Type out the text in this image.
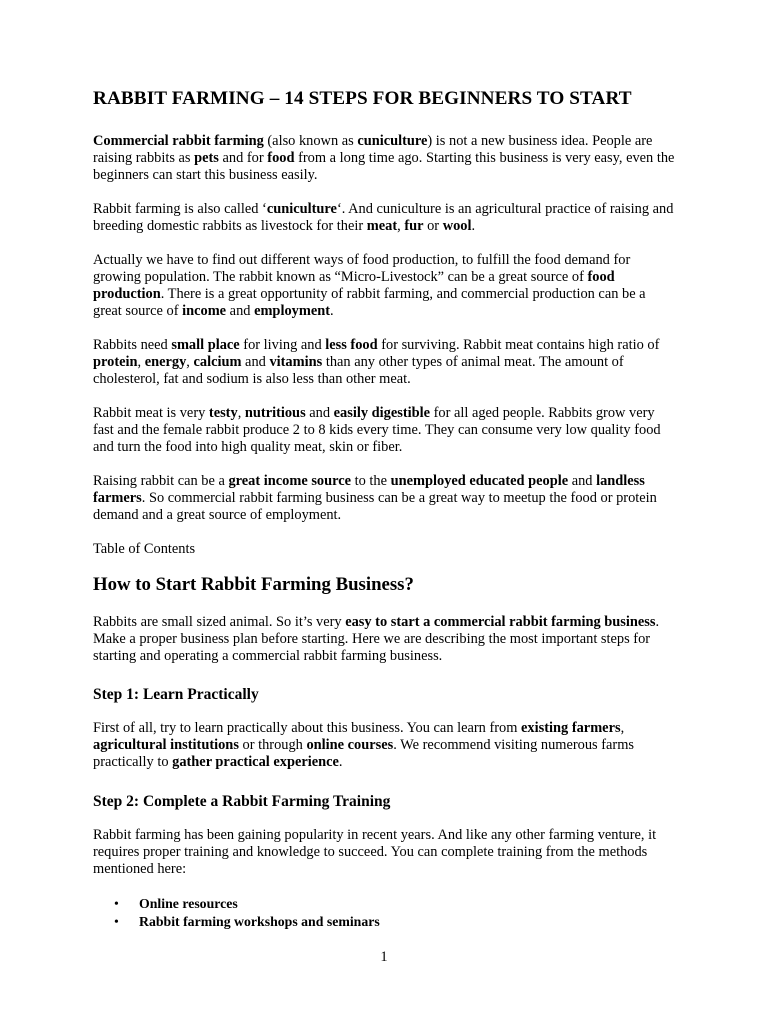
RABBIT FARMING – 14 STEPS FOR BEGINNERS TO START

Commercial rabbit farming (also known as cuniculture) is not a new business idea. People are raising rabbits as pets and for food from a long time ago. Starting this business is very easy, even the beginners can start this business easily.

Rabbit farming is also called ‘cuniculture‘. And cuniculture is an agricultural practice of raising and breeding domestic rabbits as livestock for their meat, fur or wool.

Actually we have to find out different ways of food production, to fulfill the food demand for growing population. The rabbit known as “Micro-Livestock” can be a great source of food production. There is a great opportunity of rabbit farming, and commercial production can be a great source of income and employment.

Rabbits need small place for living and less food for surviving. Rabbit meat contains high ratio of protein, energy, calcium and vitamins than any other types of animal meat. The amount of cholesterol, fat and sodium is also less than other meat.

Rabbit meat is very testy, nutritious and easily digestible for all aged people. Rabbits grow very fast and the female rabbit produce 2 to 8 kids every time. They can consume very low quality food and turn the food into high quality meat, skin or fiber.

Raising rabbit can be a great income source to the unemployed educated people and landless farmers. So commercial rabbit farming business can be a great way to meetup the food or protein demand and a great source of employment.

Table of Contents

How to Start Rabbit Farming Business?

Rabbits are small sized animal. So it’s very easy to start a commercial rabbit farming business. Make a proper business plan before starting. Here we are describing the most important steps for starting and operating a commercial rabbit farming business.

Step 1: Learn Practically

First of all, try to learn practically about this business. You can learn from existing farmers, agricultural institutions or through online courses. We recommend visiting numerous farms practically to gather practical experience.

Step 2: Complete a Rabbit Farming Training

Rabbit farming has been gaining popularity in recent years. And like any other farming venture, it requires proper training and knowledge to succeed. You can complete training from the methods mentioned here:

• Online resources
• Rabbit farming workshops and seminars
1
